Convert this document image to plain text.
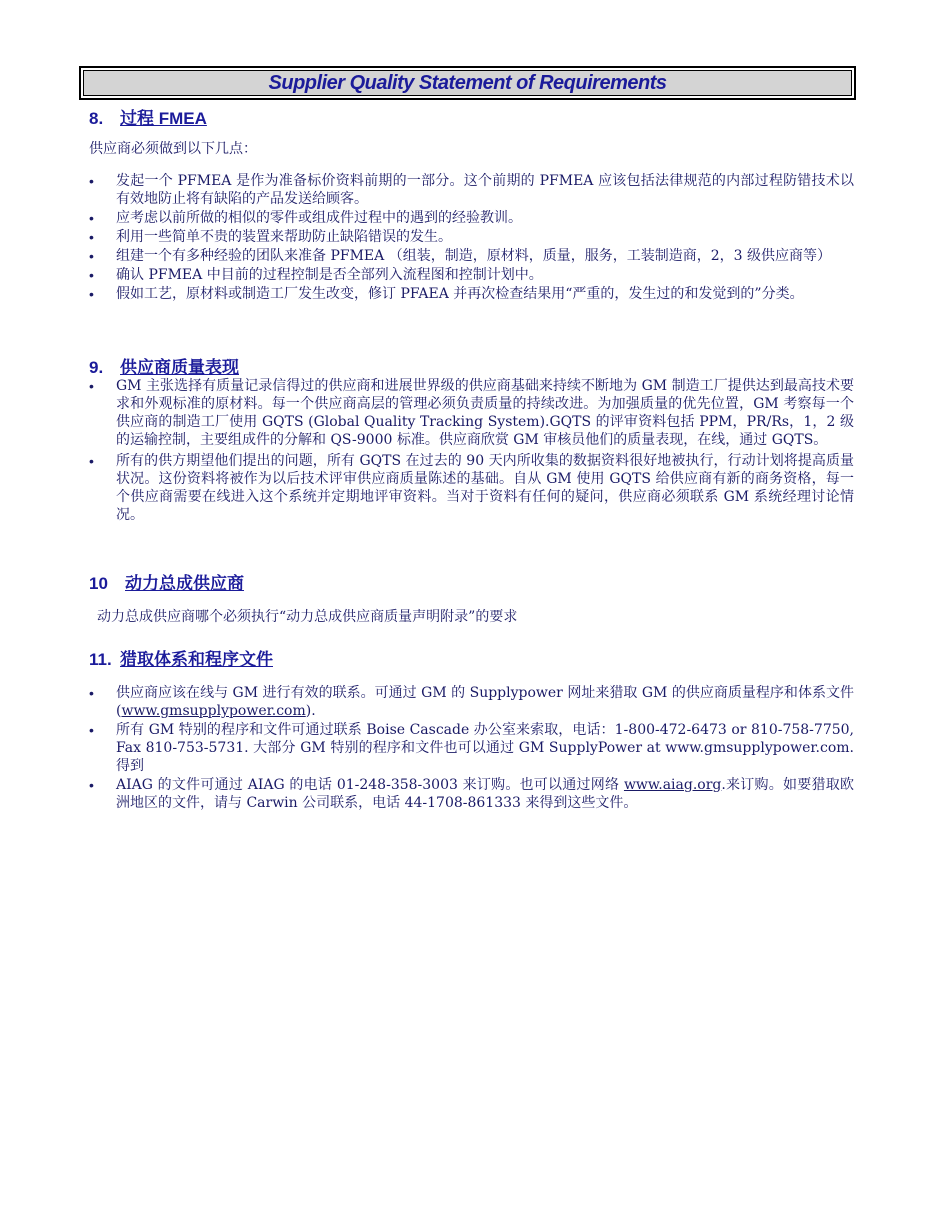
Supplier Quality Statement of Requirements
8. 过程 FMEA
供应商必须做到以下几点：
•	发起一个 PFMEA 是作为准备标价资料前期的一部分。这个前期的 PFMEA 应该包括法律规范的内部过程防错技术以有效地防止将有缺陷的产品发送给顾客。
•	应考虑以前所做的相似的零件或组成件过程中的遇到的经验教训。
•	利用一些简单不贵的装置来帮助防止缺陷错误的发生。
•	组建一个有多种经验的团队来准备 PFMEA （组装，制造，原材料，质量，服务，工装制造商，2，3 级供应商等）
•	确认 PFMEA 中目前的过程控制是否全部列入流程图和控制计划中。
•	假如工艺，原材料或制造工厂发生改变，修订 PFAEA 并再次检查结果用“严重的，发生过的和发觉到的”分类。
9. 供应商质量表现
•	GM 主张选择有质量记录信得过的供应商和进展世界级的供应商基础来持续不断地为 GM 制造工厂提供达到最高技术要求和外观标准的原材料。每一个供应商高层的管理必须负责质量的持续改进。为加强质量的优先位置，GM 考察每一个供应商的制造工厂使用 GQTS (Global Quality Tracking System).GQTS 的评审资料包括 PPM，PR/Rs，1，2 级的运输控制，主要组成件的分解和 QS-9000 标准。供应商欣赏 GM 审核员他们的质量表现，在线，通过 GQTS。
•	所有的供方期望他们提出的问题，所有 GQTS 在过去的 90 天内所收集的数据资料很好地被执行，行动计划将提高质量状况。这份资料将被作为以后技术评审供应商质量陈述的基础。自从 GM 使用 GQTS 给供应商有新的商务资格，每一个供应商需要在线进入这个系统并定期地评审资料。当对于资料有任何的疑问，供应商必须联系 GM 系统经理讨论情况。
10 动力总成供应商
动力总成供应商哪个必须执行“动力总成供应商质量声明附录”的要求
11. 猎取体系和程序文件
•	供应商应该在线与 GM 进行有效的联系。可通过 GM 的 Supplypower 网址来猎取 GM 的供应商质量程序和体系文件(www.gmsupplypower.com).
•	所有 GM 特别的程序和文件可通过联系 Boise Cascade 办公室来索取，电话：1-800-472-6473 or 810-758-7750, Fax 810-753-5731. 大部分 GM 特别的程序和文件也可以通过 GM SupplyPower at www.gmsupplypower.com.得到
•	AIAG 的文件可通过 AIAG 的电话 01-248-358-3003 来订购。也可以通过网络 www.aiag.org.来订购。如要猎取欧洲地区的文件，请与 Carwin 公司联系，电话 44-1708-861333 来得到这些文件。
